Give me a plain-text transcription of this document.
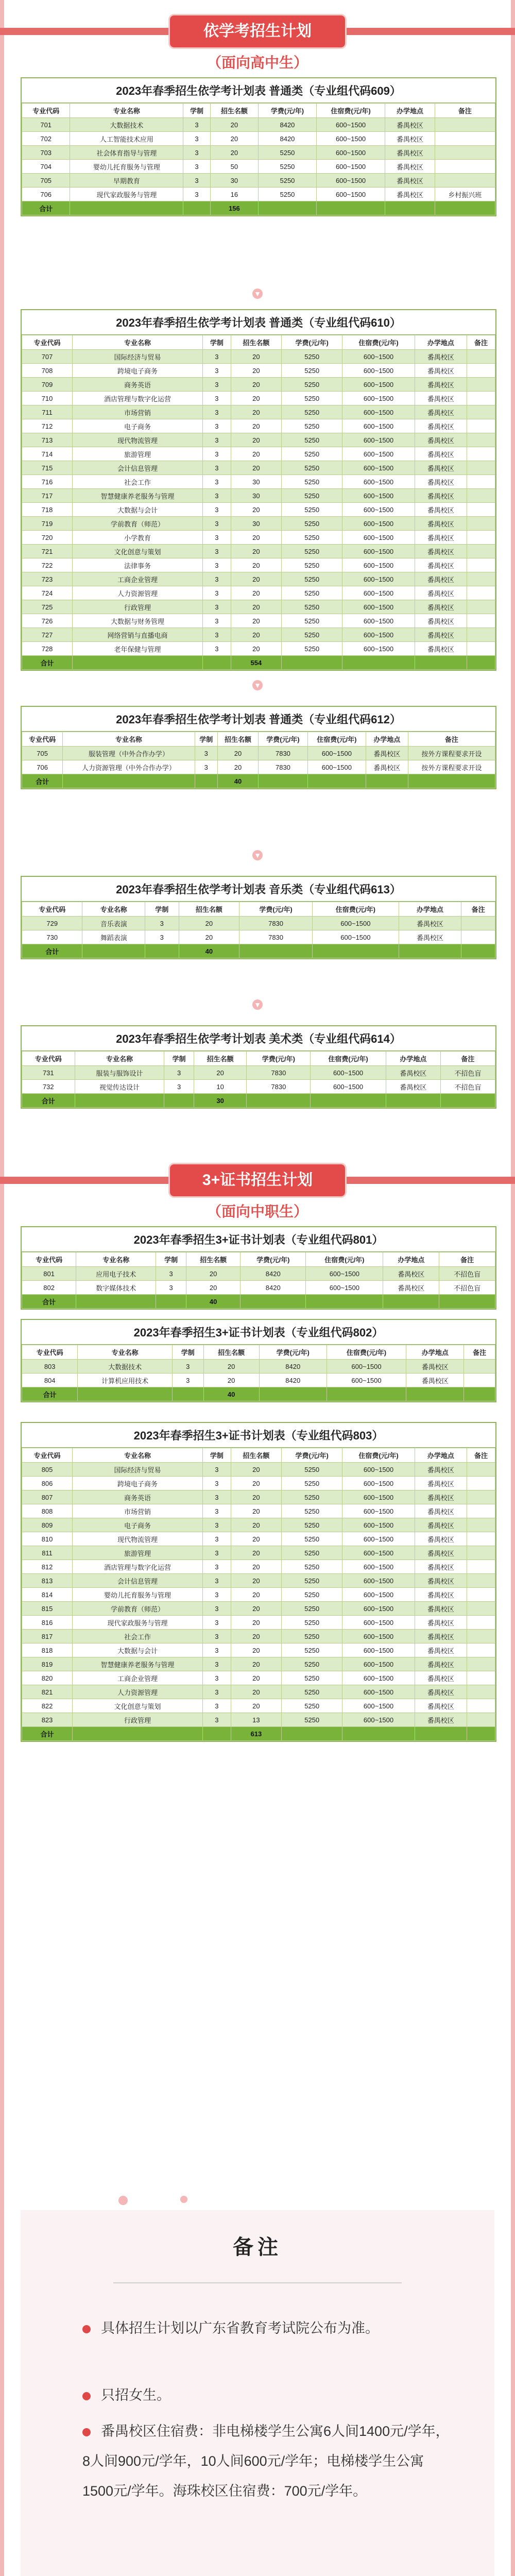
依学考招生计划
（面向高中生）
2023年春季招生依学考计划表 普通类（专业组代码609）
专业代码	专业名称	学制	招生名额	学费(元/年)	住宿费(元/年)	办学地点	备注
701	大数据技术	3	20	8420	600~1500	番禺校区	
702	人工智能技术应用	3	20	8420	600~1500	番禺校区	
703	社会体育指导与管理	3	20	5250	600~1500	番禺校区	
704	婴幼儿托育服务与管理	3	50	5250	600~1500	番禺校区	
705	早期教育	3	30	5250	600~1500	番禺校区	
706	现代家政服务与管理	3	16	5250	600~1500	番禺校区	乡村振兴班
合计			156				
▼
2023年春季招生依学考计划表 普通类（专业组代码610）
专业代码	专业名称	学制	招生名额	学费(元/年)	住宿费(元/年)	办学地点	备注
707	国际经济与贸易	3	20	5250	600~1500	番禺校区	
708	跨境电子商务	3	20	5250	600~1500	番禺校区	
709	商务英语	3	20	5250	600~1500	番禺校区	
710	酒店管理与数字化运营	3	20	5250	600~1500	番禺校区	
711	市场营销	3	20	5250	600~1500	番禺校区	
712	电子商务	3	20	5250	600~1500	番禺校区	
713	现代物流管理	3	20	5250	600~1500	番禺校区	
714	旅游管理	3	20	5250	600~1500	番禺校区	
715	会计信息管理	3	20	5250	600~1500	番禺校区	
716	社会工作	3	30	5250	600~1500	番禺校区	
717	智慧健康养老服务与管理	3	30	5250	600~1500	番禺校区	
718	大数据与会计	3	20	5250	600~1500	番禺校区	
719	学前教育（师范）	3	30	5250	600~1500	番禺校区	
720	小学教育	3	20	5250	600~1500	番禺校区	
721	文化创意与策划	3	20	5250	600~1500	番禺校区	
722	法律事务	3	20	5250	600~1500	番禺校区	
723	工商企业管理	3	20	5250	600~1500	番禺校区	
724	人力资源管理	3	20	5250	600~1500	番禺校区	
725	行政管理	3	20	5250	600~1500	番禺校区	
726	大数据与财务管理	3	20	5250	600~1500	番禺校区	
727	网络营销与直播电商	3	20	5250	600~1500	番禺校区	
728	老年保健与管理	3	20	5250	600~1500	番禺校区	
合计			554				
▼
2023年春季招生依学考计划表 普通类（专业组代码612）
专业代码	专业名称	学制	招生名额	学费(元/年)	住宿费(元/年)	办学地点	备注
705	服装管理（中外合作办学）	3	20	7830	600~1500	番禺校区	按外方课程要求开设
706	人力资源管理（中外合作办学）	3	20	7830	600~1500	番禺校区	按外方课程要求开设
合计			40				
▼
2023年春季招生依学考计划表 音乐类（专业组代码613）
专业代码	专业名称	学制	招生名额	学费(元/年)	住宿费(元/年)	办学地点	备注
729	音乐表演	3	20	7830	600~1500	番禺校区	
730	舞蹈表演	3	20	7830	600~1500	番禺校区	
合计			40				
▼
2023年春季招生依学考计划表 美术类（专业组代码614）
专业代码	专业名称	学制	招生名额	学费(元/年)	住宿费(元/年)	办学地点	备注
731	服装与服饰设计	3	20	7830	600~1500	番禺校区	不招色盲
732	视觉传达设计	3	10	7830	600~1500	番禺校区	不招色盲
合计			30				
3+证书招生计划
（面向中职生）
2023年春季招生3+证书计划表（专业组代码801）
专业代码	专业名称	学制	招生名额	学费(元/年)	住宿费(元/年)	办学地点	备注
801	应用电子技术	3	20	8420	600~1500	番禺校区	不招色盲
802	数字媒体技术	3	20	8420	600~1500	番禺校区	不招色盲
合计			40				
2023年春季招生3+证书计划表（专业组代码802）
专业代码	专业名称	学制	招生名额	学费(元/年)	住宿费(元/年)	办学地点	备注
803	大数据技术	3	20	8420	600~1500	番禺校区	
804	计算机应用技术	3	20	8420	600~1500	番禺校区	
合计			40				
2023年春季招生3+证书计划表（专业组代码803）
专业代码	专业名称	学制	招生名额	学费(元/年)	住宿费(元/年)	办学地点	备注
805	国际经济与贸易	3	20	5250	600~1500	番禺校区	
806	跨境电子商务	3	20	5250	600~1500	番禺校区	
807	商务英语	3	20	5250	600~1500	番禺校区	
808	市场营销	3	20	5250	600~1500	番禺校区	
809	电子商务	3	20	5250	600~1500	番禺校区	
810	现代物流管理	3	20	5250	600~1500	番禺校区	
811	旅游管理	3	20	5250	600~1500	番禺校区	
812	酒店管理与数字化运营	3	20	5250	600~1500	番禺校区	
813	会计信息管理	3	20	5250	600~1500	番禺校区	
814	婴幼儿托育服务与管理	3	20	5250	600~1500	番禺校区	
815	学前教育（师范）	3	20	5250	600~1500	番禺校区	
816	现代家政服务与管理	3	20	5250	600~1500	番禺校区	
817	社会工作	3	20	5250	600~1500	番禺校区	
818	大数据与会计	3	20	5250	600~1500	番禺校区	
819	智慧健康养老服务与管理	3	20	5250	600~1500	番禺校区	
820	工商企业管理	3	20	5250	600~1500	番禺校区	
821	人力资源管理	3	20	5250	600~1500	番禺校区	
822	文化创意与策划	3	20	5250	600~1500	番禺校区	
823	行政管理	3	13	5250	600~1500	番禺校区	
合计			613				
备注
具体招生计划以广东省教育考试院公布为准。
只招女生。
番禺校区住宿费：非电梯楼学生公寓6人间1400元/学年，8人间900元/学年，10人间600元/学年；电梯楼学生公寓1500元/学年。海珠校区住宿费：700元/学年。
